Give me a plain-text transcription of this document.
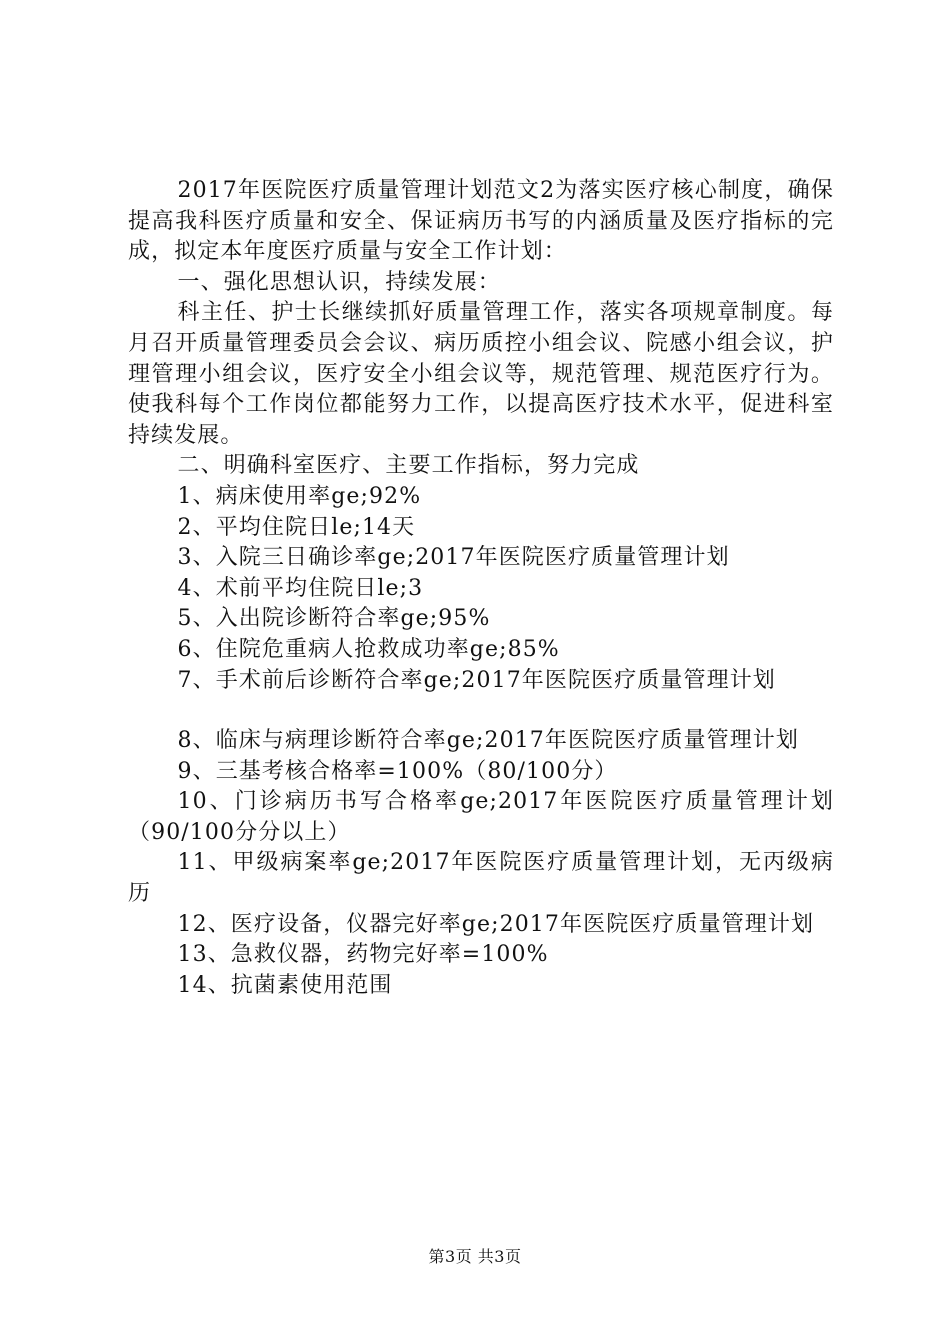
2017年医院医疗质量管理计划范文2为落实医疗核心制度，确保提高我科医疗质量和安全、保证病历书写的内涵质量及医疗指标的完成，拟定本年度医疗质量与安全工作计划：

一、强化思想认识，持续发展：

科主任、护士长继续抓好质量管理工作，落实各项规章制度。每月召开质量管理委员会会议、病历质控小组会议、院感小组会议，护理管理小组会议，医疗安全小组会议等，规范管理、规范医疗行为。使我科每个工作岗位都能努力工作，以提高医疗技术水平，促进科室持续发展。

二、明确科室医疗、主要工作指标，努力完成

1、病床使用率ge;92%

2、平均住院日le;14天

3、入院三日确诊率ge;2017年医院医疗质量管理计划

4、术前平均住院日le;3

5、入出院诊断符合率ge;95%

6、住院危重病人抢救成功率ge;85%

7、手术前后诊断符合率ge;2017年医院医疗质量管理计划

8、临床与病理诊断符合率ge;2017年医院医疗质量管理计划

9、三基考核合格率=100%（80/100分）

10、门诊病历书写合格率ge;2017年医院医疗质量管理计划（90/100分分以上）

11、甲级病案率ge;2017年医院医疗质量管理计划，无丙级病历

12、医疗设备，仪器完好率ge;2017年医院医疗质量管理计划

13、急救仪器，药物完好率=100%

14、抗菌素使用范围

第3页 共3页
